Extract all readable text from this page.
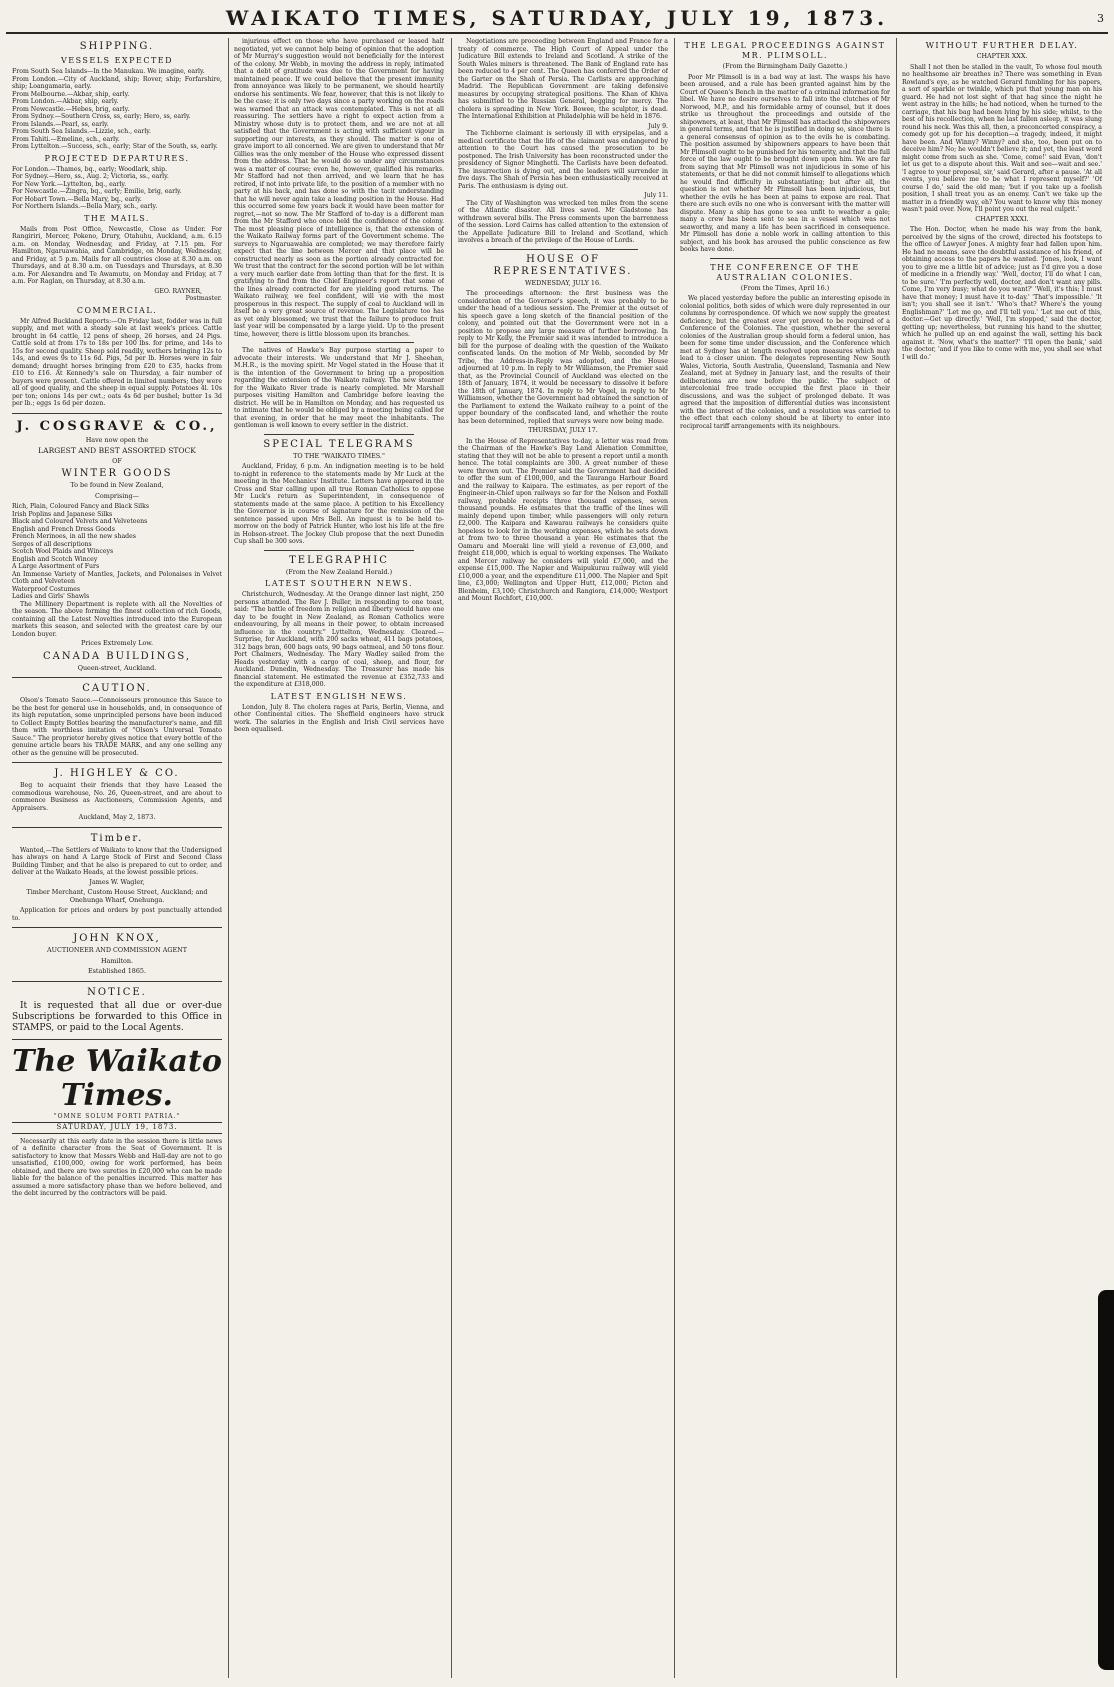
WAIKATO TIMES, SATURDAY, JULY 19, 1873.	3
SHIPPING.
VESSELS EXPECTED
From South Sea Islands—In the Manukau. We imagine, early.
From London.—City of Auckland, ship; Rover, ship; Forfarshire, ship; Loangamaria, early.
From Melbourne.—Akbar, ship, early.
From London.—Akbar, ship, early.
From Newcastle.—Hebes, brig, early.
From Sydney.—Southern Cross, ss, early; Hero, ss, early.
From Islands.—Pearl, ss, early.
From South Sea Islands.—Lizzie, sch., early.
From Tahiti.—Emeline, sch., early.
From Lyttelton.—Success, sch., early; Star of the South, ss, early.
PROJECTED DEPARTURES.
For London.—Thames, bq., early; Woodlark, ship.
For Sydney.—Hero, ss., Aug. 2; Victoria, ss., early.
For New York.—Lyttelton, bq., early.
For Newcastle.—Zingra, bq., early; Emilie, brig, early.
For Hobart Town.—Bella Mary, bq., early.
For Northern Islands.—Bella Mary, sch., early.
THE MAILS.

Mails from Post Office, Newcastle, Close as Under. For Rangiriri, Mercer, Pokeno, Drury, Otahuhu, Auckland, a.m. 6.15 a.m. on Monday, Wednesday, and Friday, at 7.15 pm. For Hamilton, Ngaruawahia, and Cambridge, on Monday, Wednesday, and Friday, at 5 p.m. Mails for all countries close at 8.30 a.m. on Thursdays, and at 8.30 a.m. on Tuesdays and Thursdays, at 8.30 a.m. For Alexandra and Te Awamutu, on Monday and Friday, at 7 a.m. For Raglan, on Thursday, at 8.30 a.m.

GEO. RAYNER,
Postmaster.
COMMERCIAL.

Mr Alfred Buckland Reports:—On Friday last, fodder was in full supply, and met with a steady sale at last week's prices. Cattle brought in 64 cattle, 12 pens of sheep, 26 horses, and 24 Pigs. Cattle sold at from 17s to 18s per 100 lbs. for prime, and 14s to 15s for second quality. Sheep sold readily, wethers bringing 12s to 14s, and ewes 9s to 11s 6d. Pigs, 5d per lb. Horses were in fair demand; draught horses bringing from £20 to £35, hacks from £10 to £16. At Kennedy's sale on Thursday, a fair number of buyers were present. Cattle offered in limited numbers; they were all of good quality, and the sheep in equal supply. Potatoes 4l. 10s per ton; onions 14s per cwt.; oats 4s 6d per bushel; butter 1s 3d per lb.; eggs 1s 6d per dozen.

J. COSGRAVE & CO.,
Have now open the
LARGEST AND BEST ASSORTED STOCK
OF
WINTER GOODS
To be found in New Zealand,
Comprising—
Rich, Plain, Coloured Fancy and Black Silks
Irish Poplins and Japanese Silks
Black and Coloured Velvets and Velveteens
English and French Dress Goods
French Merinoes, in all the new shades
Serges of all descriptions
Scotch Wool Plaids and Winceys
English and Scotch Wincey
A Large Assortment of Furs
An Immense Variety of Mantles, Jackets, and Polonaises in Velvet Cloth and Velveteen
Waterproof Costumes
Ladies and Girls' Shawls

The Millinery Department is replete with all the Novelties of the season. The above forming the finest collection of rich Goods, containing all the Latest Novelties introduced into the European markets this season, and selected with the greatest care by our London buyer.

Prices Extremely Low.
CANADA BUILDINGS,
Queen-street, Auckland.
CAUTION.

Olson's Tomato Sauce.—Connoisseurs pronounce this Sauce to be the best for general use in households, and, in consequence of its high reputation, some unprincipled persons have been induced to Collect Empty Bottles bearing the manufacturer's name, and fill them with worthless imitation of "Olson's Universal Tomato Sauce." The proprietor hereby gives notice that every bottle of the genuine article bears his TRADE MARK, and any one selling any other as the genuine will be prosecuted.

J. HIGHLEY & CO.

Beg to acquaint their friends that they have Leased the commodious warehouse, No. 26, Queen-street, and are about to commence Business as Auctioneers, Commission Agents, and Appraisers.

Auckland, May 2, 1873.
Timber.

Wanted,—The Settlers of Waikato to know that the Undersigned has always on hand A Large Stock of First and Second Class Building Timber, and that he also is prepared to cut to order, and deliver at the Waikato Heads, at the lowest possible prices.

James W. Wagler,
Timber Merchant, Custom House Street, Auckland; and Onehunga Wharf, Onehunga.

Application for prices and orders by post punctually attended to.

JOHN KNOX,
AUCTIONEER AND COMMISSION AGENT
Hamilton.
Established 1865.
NOTICE.

It is requested that all due or over-due Subscriptions be forwarded to this Office in STAMPS, or paid to the Local Agents.

The Waikato Times.
"OMNE SOLUM FORTI PATRIA."
SATURDAY, JULY 19, 1873.

Necessarily at this early date in the session there is little news of a definite character from the Seat of Government. It is satisfactory to know that Messrs Webb and Hall-day are not to go unsatisfied, £100,000, owing for work performed, has been obtained, and there are two sureties in £20,000 who can be made liable for the balance of the penalties incurred. This matter has assumed a more satisfactory phase than we before believed, and the debt incurred by the contractors will be paid.

injurious effect on those who have purchased or leased half negotiated, yet we cannot help being of opinion that the adoption of Mr Murray's suggestion would not beneficially for the interest of the colony. Mr Webb, in moving the address in reply, intimated that a debt of gratitude was due to the Government for having maintained peace. If we could believe that the present immunity from annoyance was likely to be permanent, we should heartily endorse his sentiments. We fear, however, that this is not likely to be the case; it is only two days since a party working on the roads was warned that an attack was contemplated. This is not at all reassuring. The settlers have a right to expect action from a Ministry whose duty is to protect them, and we are not at all satisfied that the Government is acting with sufficient vigour in supporting our interests, as they should. The matter is one of grave import to all concerned. We are given to understand that Mr Gillies was the only member of the House who expressed dissent from the address. That he would do so under any circumstances was a matter of course; even he, however, qualified his remarks. Mr Stafford had not then arrived, and we learn that he has retired, if not into private life, to the position of a member with no party at his back, and has done so with the tacit understanding that he will never again take a leading position in the House. Had this occurred some few years back it would have been matter for regret,—not so now. The Mr Stafford of to-day is a different man from the Mr Stafford who once held the confidence of the colony. The most pleasing piece of intelligence is, that the extension of the Waikato Railway forms part of the Government scheme. The surveys to Ngaruawahia are completed; we may therefore fairly expect that the line between Mercer and that place will be constructed nearly as soon as the portion already contracted for. We trust that the contract for the second portion will be let within a very much earlier date from letting than that for the first. It is gratifying to find from the Chief Engineer's report that some of the lines already contracted for are yielding good returns. The Waikato railway, we feel confident, will vie with the most prosperous in this respect. The supply of coal to Auckland will in itself be a very great source of revenue. The Legislature too has as yet only blossomed; we trust that the failure to produce fruit last year will be compensated by a large yield. Up to the present time, however, there is little blossom upon its branches.

The natives of Hawke's Bay purpose starting a paper to advocate their interests. We understand that Mr J. Sheehan, M.H.R., is the moving spirit. Mr Vogel stated in the House that it is the intention of the Government to bring up a proposition regarding the extension of the Waikato railway. The new steamer for the Waikato River trade is nearly completed. Mr Marshall purposes visiting Hamilton and Cambridge before leaving the district. He will be in Hamilton on Monday, and has requested us to intimate that he would be obliged by a meeting being called for that evening, in order that he may meet the inhabitants. The gentleman is well known to every settler in the district.

SPECIAL TELEGRAMS
TO THE "WAIKATO TIMES."

Auckland, Friday, 6 p.m. An indignation meeting is to be held to-night in reference to the statements made by Mr Luck at the meeting in the Mechanics' Institute. Letters have appeared in the Cross and Star calling upon all true Roman Catholics to oppose Mr Luck's return as Superintendent, in consequence of statements made at the same place. A petition to his Excellency the Governor is in course of signature for the remission of the sentence passed upon Mrs Bell. An inquest is to be held to-morrow on the body of Patrick Hunter, who lost his life at the fire in Hobson-street. The Jockey Club propose that the next Dunedin Cup shall be 300 sovs.

TELEGRAPHIC
(From the New Zealand Herald.)
LATEST SOUTHERN NEWS.

Christchurch, Wednesday. At the Orange dinner last night, 250 persons attended. The Rev J. Buller, in responding to one toast, said: "The battle of freedom in religion and liberty would have one day to be fought in New Zealand, as Roman Catholics were endeavouring, by all means in their power, to obtain increased influence in the country." Lyttelton, Wednesday. Cleared.—Surprise, for Auckland, with 200 sacks wheat, 411 bags potatoes, 312 bags bran, 600 bags oats, 90 bags oatmeal, and 50 tons flour. Port Chalmers, Wednesday. The Mary Wadley sailed from the Heads yesterday with a cargo of coal, sheep, and flour, for Auckland. Dunedin, Wednesday. The Treasurer has made his financial statement. He estimated the revenue at £352,733 and the expenditure at £318,000.

LATEST ENGLISH NEWS.

London, July 8. The cholera rages at Paris, Berlin, Vienna, and other Continental cities. The Sheffield engineers have struck work. The salaries in the English and Irish Civil services have been equalised.

Negotiations are proceeding between England and France for a treaty of commerce. The High Court of Appeal under the Judicature Bill extends to Ireland and Scotland. A strike of the South Wales miners is threatened. The Bank of England rate has been reduced to 4 per cent. The Queen has conferred the Order of the Garter on the Shah of Persia. The Carlists are approaching Madrid. The Republican Government are taking defensive measures by occupying strategical positions. The Khan of Khiva has submitted to the Russian General, begging for mercy. The cholera is spreading in New York. Bowee, the sculptor, is dead. The International Exhibition at Philadelphia will be held in 1876.

July 9.

The Tichborne claimant is seriously ill with erysipelas, and a medical certificate that the life of the claimant was endangered by attention to the Court has caused the prosecution to be postponed. The Irish University has been reconstructed under the presidency of Signor Minghetti. The Carlists have been defeated. The insurrection is dying out, and the leaders will surrender in five days. The Shah of Persia has been enthusiastically received at Paris. The enthusiasm is dying out.

July 11.

The City of Washington was wrecked ten miles from the scene of the Atlantic disaster. All lives saved. Mr Gladstone has withdrawn several bills. The Press comments upon the barrenness of the session. Lord Cairns has called attention to the extension of the Appellate Judicature Bill to Ireland and Scotland, which involves a breach of the privilege of the House of Lords.

HOUSE OF REPRESENTATIVES.
WEDNESDAY, JULY 16.

The proceedings afternoon: the first business was the consideration of the Governor's speech, it was probably to be under the head of a tedious session. The Premier at the outset of his speech gave a long sketch of the financial position of the colony, and pointed out that the Government were not in a position to propose any large measure of further borrowing. In reply to Mr Kelly, the Premier said it was intended to introduce a bill for the purpose of dealing with the question of the Waikato confiscated lands. On the motion of Mr Webb, seconded by Mr Tribe, the Address-in-Reply was adopted, and the House adjourned at 10 p.m. In reply to Mr Williamson, the Premier said that, as the Provincial Council of Auckland was elected on the 18th of January, 1874, it would be necessary to dissolve it before the 18th of January, 1874. In reply to Mr Vogel, in reply to Mr Williamson, whether the Government had obtained the sanction of the Parliament to extend the Waikato railway to a point of the upper boundary of the confiscated land, and whether the route has been determined, replied that surveys were now being made.

THURSDAY, JULY 17.

In the House of Representatives to-day, a letter was read from the Chairman of the Hawke's Bay Land Alienation Committee, stating that they will not be able to present a report until a month hence. The total complaints are 300. A great number of these were thrown out. The Premier said the Government had decided to offer the sum of £100,000, and the Tauranga Harbour Board and the railway to Kaipara. The estimates, as per report of the Engineer-in-Chief upon railways so far for the Nelson and Foxhill railway, probable receipts three thousand expenses, seven thousand pounds. He estimates that the traffic of the lines will mainly depend upon timber, while passengers will only return £2,000. The Kaipara and Kawarau railways he considers quite hopeless to look for in the working expenses, which he sets down at from two to three thousand a year. He estimates that the Oamaru and Moeraki line will yield a revenue of £3,000, and freight £18,000, which is equal to working expenses. The Waikato and Mercer railway he considers will yield £7,000, and the expense £15,000. The Napier and Waipukurau railway will yield £10,000 a year, and the expenditure £11,000. The Napier and Spit line, £3,000; Wellington and Upper Hutt, £12,000; Picton and Blenheim, £3,100; Christchurch and Rangiora, £14,000; Westport and Mount Rochfort, £10,000.

THE LEGAL PROCEEDINGS AGAINST MR. PLIMSOLL.
(From the Birmingham Daily Gazette.)

Poor Mr Plimsoll is in a bad way at last. The wasps his have been aroused, and a rule has been granted against him by the Court of Queen's Bench in the matter of a criminal information for libel. We have no desire ourselves to fall into the clutches of Mr Norwood, M.P., and his formidable army of counsel, but it does strike us throughout the proceedings and outside of the shipowners, at least, that Mr Plimsoll has attacked the shipowners in general terms, and that he is justified in doing so, since there is a general consensus of opinion as to the evils he is combating. The position assumed by shipowners appears to have been that Mr Plimsoll ought to be punished for his temerity, and that the full force of the law ought to be brought down upon him. We are far from saying that Mr Plimsoll was not injudicious in some of his statements, or that he did not commit himself to allegations which he would find difficulty in substantiating; but after all, the question is not whether Mr Plimsoll has been injudicious, but whether the evils he has been at pains to expose are real. That there are such evils no one who is conversant with the matter will dispute. Many a ship has gone to sea unfit to weather a gale; many a crew has been sent to sea in a vessel which was not seaworthy, and many a life has been sacrificed in consequence. Mr Plimsoll has done a noble work in calling attention to this subject, and his book has aroused the public conscience as few books have done.

THE CONFERENCE OF THE AUSTRALIAN COLONIES.
(From the Times, April 16.)

We placed yesterday before the public an interesting episode in colonial politics, both sides of which were duly represented in our columns by correspondence. Of which we now supply the greatest deficiency, but the greatest ever yet proved to be required of a Conference of the Colonies. The question, whether the several colonies of the Australian group should form a federal union, has been for some time under discussion, and the Conference which met at Sydney has at length resolved upon measures which may lead to a closer union. The delegates representing New South Wales, Victoria, South Australia, Queensland, Tasmania and New Zealand, met at Sydney in January last, and the results of their deliberations are now before the public. The subject of intercolonial free trade occupied the first place in their discussions, and was the subject of prolonged debate. It was agreed that the imposition of differential duties was inconsistent with the interest of the colonies, and a resolution was carried to the effect that each colony should be at liberty to enter into reciprocal tariff arrangements with its neighbours.

WITHOUT FURTHER DELAY.
CHAPTER XXX.

Shall I not then be stalled in the vault, To whose foul mouth no healthsome air breathes in? There was something in Evan Rowland's eye, as he watched Gerard fumbling for his papers, a sort of sparkle or twinkle, which put that young man on his guard. He had not lost sight of that hag since the night he went astray in the hills; he had noticed, when he turned to the carriage, that his bag had been lying by his side; whilst, to the best of his recollection, when he last fallen asleep, it was slung round his neck. Was this all, then, a preconcerted conspiracy, a comedy got up for his deception—a tragedy, indeed, it might have been. And Winny? Winny? and she, too, been put on to deceive him? No; he wouldn't believe it; and yet, the least word might come from such as she. 'Come, come!' said Evan, 'don't let us get to a dispute about this. Wait and see—wait and see.' 'I agree to your proposal, sir,' said Gerard, after a pause. 'At all events, you believe me to be what I represent myself?' 'Of course I do,' said the old man; 'but if you take up a foolish position, I shall treat you as an enemy. Can't we take up the matter in a friendly way, eh? You want to know why this money wasn't paid over. Now, I'll point you out the real culprit.'

CHAPTER XXXI.

The Hon. Doctor, when he made his way from the bank, perceived by the signs of the crowd, directed his footsteps to the office of Lawyer Jones. A mighty fear had fallen upon him. He had no means, save the doubtful assistance of his friend, of obtaining access to the papers he wanted. 'Jones, look, I want you to give me a little bit of advice; just as I'd give you a dose of medicine in a friendly way.' 'Well, doctor, I'll do what I can, to be sure.' 'I'm perfectly well, doctor, and don't want any pills. Come, I'm very busy; what do you want?' 'Well, it's this; I must have that money; I must have it to-day.' 'That's impossible.' 'It isn't; you shall see it isn't.' 'Who's that? Where's the young Englishman?' 'Let me go, and I'll tell you.' 'Let me out of this, doctor.—Get up directly.' 'Well, I'm stopped,' said the doctor, getting up; nevertheless, but running his hand to the shutter, which he pulled up an end against the wall, setting his back against it. 'Now, what's the matter?' 'I'll open the bank,' said the doctor, 'and if you like to come with me, you shall see what I will do.'
